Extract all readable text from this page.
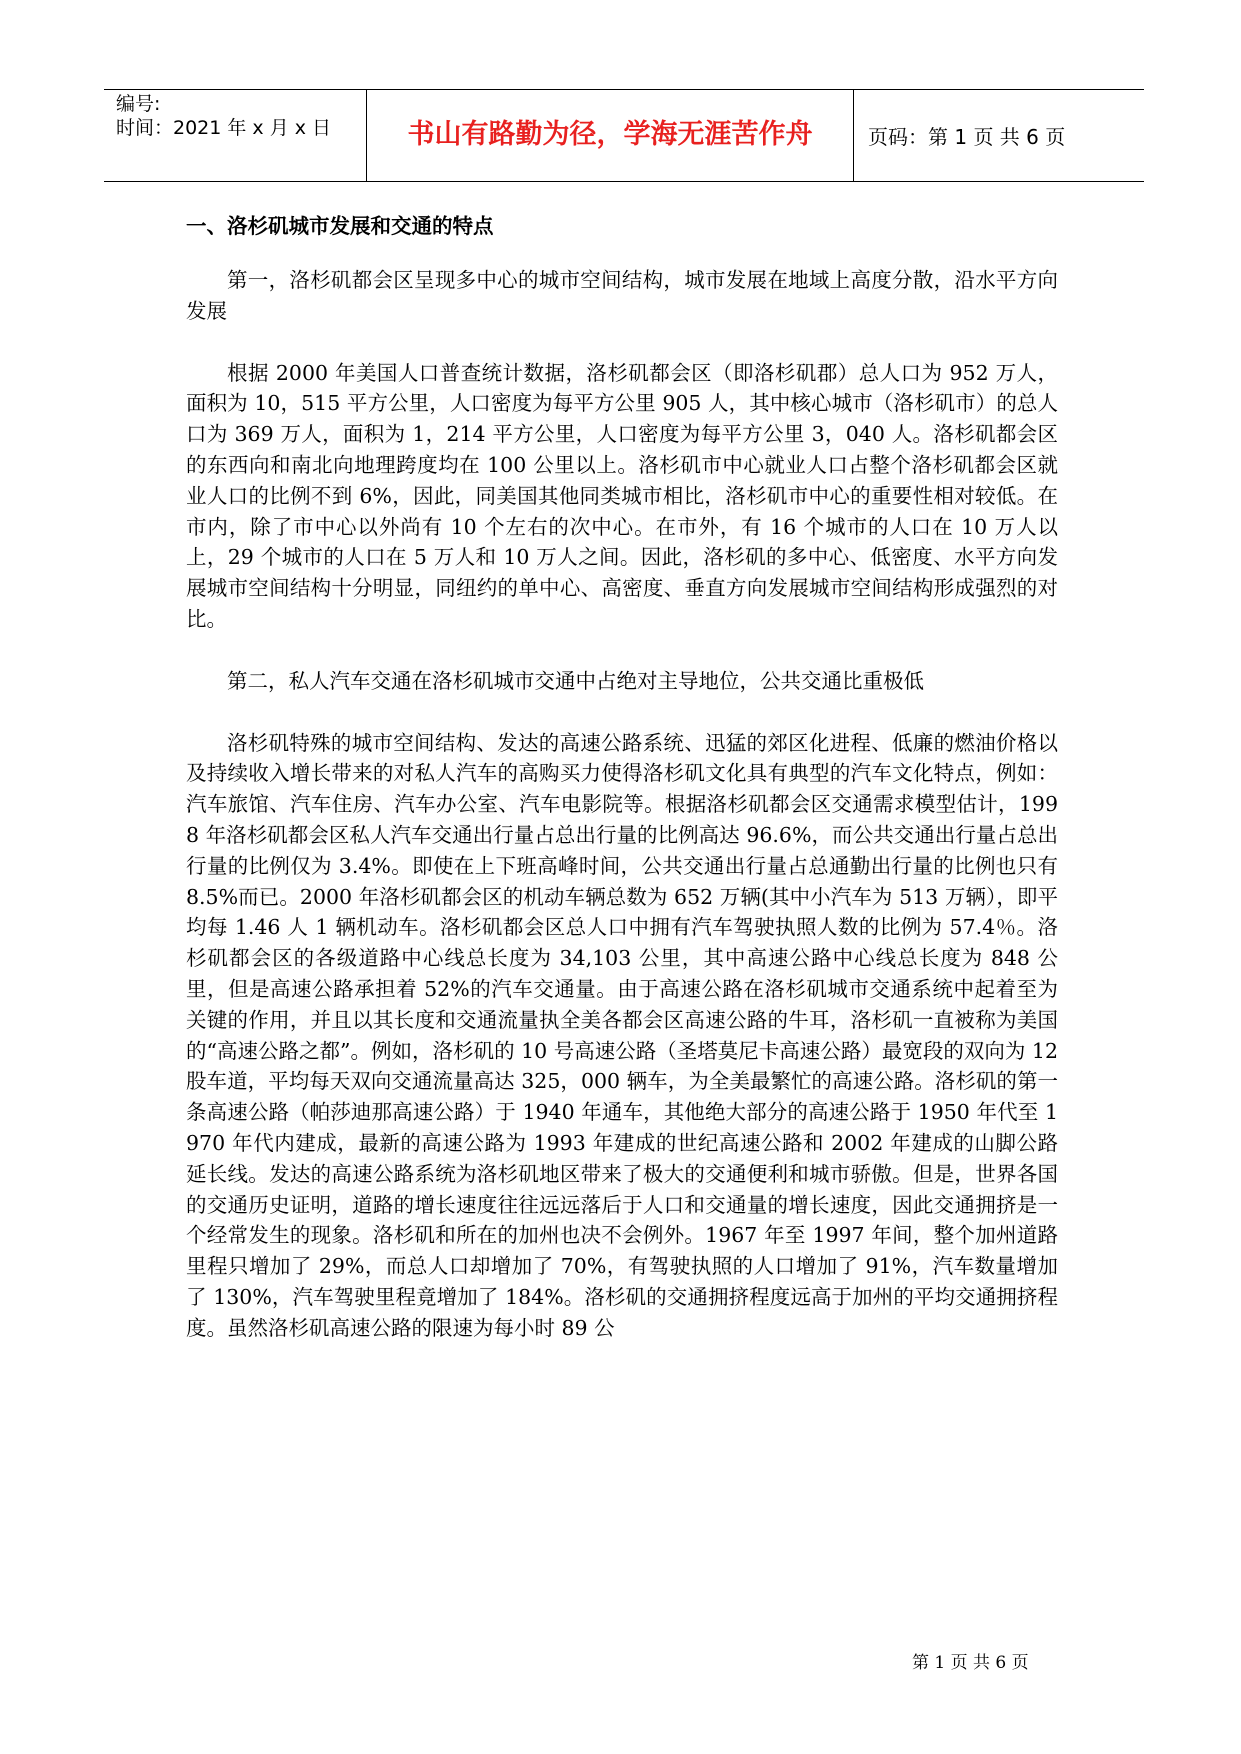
编号:
时间：2021 年 x 月 x 日	书山有路勤为径，学海无涯苦作舟	页码：第 1 页 共 6 页
一、洛杉矶城市发展和交通的特点

第一，洛杉矶都会区呈现多中心的城市空间结构，城市发展在地域上高度分散，沿水平方向发展

根据 2000 年美国人口普查统计数据，洛杉矶都会区（即洛杉矶郡）总人口为 952 万人，面积为 10，515 平方公里，人口密度为每平方公里 905 人，其中核心城市（洛杉矶市）的总人口为 369 万人，面积为 1，214 平方公里，人口密度为每平方公里 3，040 人。洛杉矶都会区的东西向和南北向地理跨度均在 100 公里以上。洛杉矶市中心就业人口占整个洛杉矶都会区就业人口的比例不到 6%，因此，同美国其他同类城市相比，洛杉矶市中心的重要性相对较低。在市内，除了市中心以外尚有 10 个左右的次中心。在市外，有 16 个城市的人口在 10 万人以上，29 个城市的人口在 5 万人和 10 万人之间。因此，洛杉矶的多中心、低密度、水平方向发展城市空间结构十分明显，同纽约的单中心、高密度、垂直方向发展城市空间结构形成强烈的对比。

第二，私人汽车交通在洛杉矶城市交通中占绝对主导地位，公共交通比重极低

洛杉矶特殊的城市空间结构、发达的高速公路系统、迅猛的郊区化进程、低廉的燃油价格以及持续收入增长带来的对私人汽车的高购买力使得洛杉矶文化具有典型的汽车文化特点，例如：汽车旅馆、汽车住房、汽车办公室、汽车电影院等。根据洛杉矶都会区交通需求模型估计，1998 年洛杉矶都会区私人汽车交通出行量占总出行量的比例高达 96.6%，而公共交通出行量占总出行量的比例仅为 3.4%。即使在上下班高峰时间，公共交通出行量占总通勤出行量的比例也只有 8.5%而已。2000 年洛杉矶都会区的机动车辆总数为 652 万辆(其中小汽车为 513 万辆），即平均每 1.46 人 1 辆机动车。洛杉矶都会区总人口中拥有汽车驾驶执照人数的比例为 57.4％。洛杉矶都会区的各级道路中心线总长度为 34,103 公里，其中高速公路中心线总长度为 848 公里，但是高速公路承担着 52%的汽车交通量。由于高速公路在洛杉矶城市交通系统中起着至为关键的作用，并且以其长度和交通流量执全美各都会区高速公路的牛耳，洛杉矶一直被称为美国的“高速公路之都”。例如，洛杉矶的 10 号高速公路（圣塔莫尼卡高速公路）最宽段的双向为 12 股车道，平均每天双向交通流量高达 325，000 辆车，为全美最繁忙的高速公路。洛杉矶的第一条高速公路（帕莎迪那高速公路）于 1940 年通车，其他绝大部分的高速公路于 1950 年代至 1970 年代内建成，最新的高速公路为 1993 年建成的世纪高速公路和 2002 年建成的山脚公路延长线。发达的高速公路系统为洛杉矶地区带来了极大的交通便利和城市骄傲。但是，世界各国的交通历史证明，道路的增长速度往往远远落后于人口和交通量的增长速度，因此交通拥挤是一个经常发生的现象。洛杉矶和所在的加州也决不会例外。1967 年至 1997 年间，整个加州道路里程只增加了 29%，而总人口却增加了 70%，有驾驶执照的人口增加了 91%，汽车数量增加了 130%，汽车驾驶里程竟增加了 184%。洛杉矶的交通拥挤程度远高于加州的平均交通拥挤程度。虽然洛杉矶高速公路的限速为每小时 89 公

第 1 页 共 6 页
